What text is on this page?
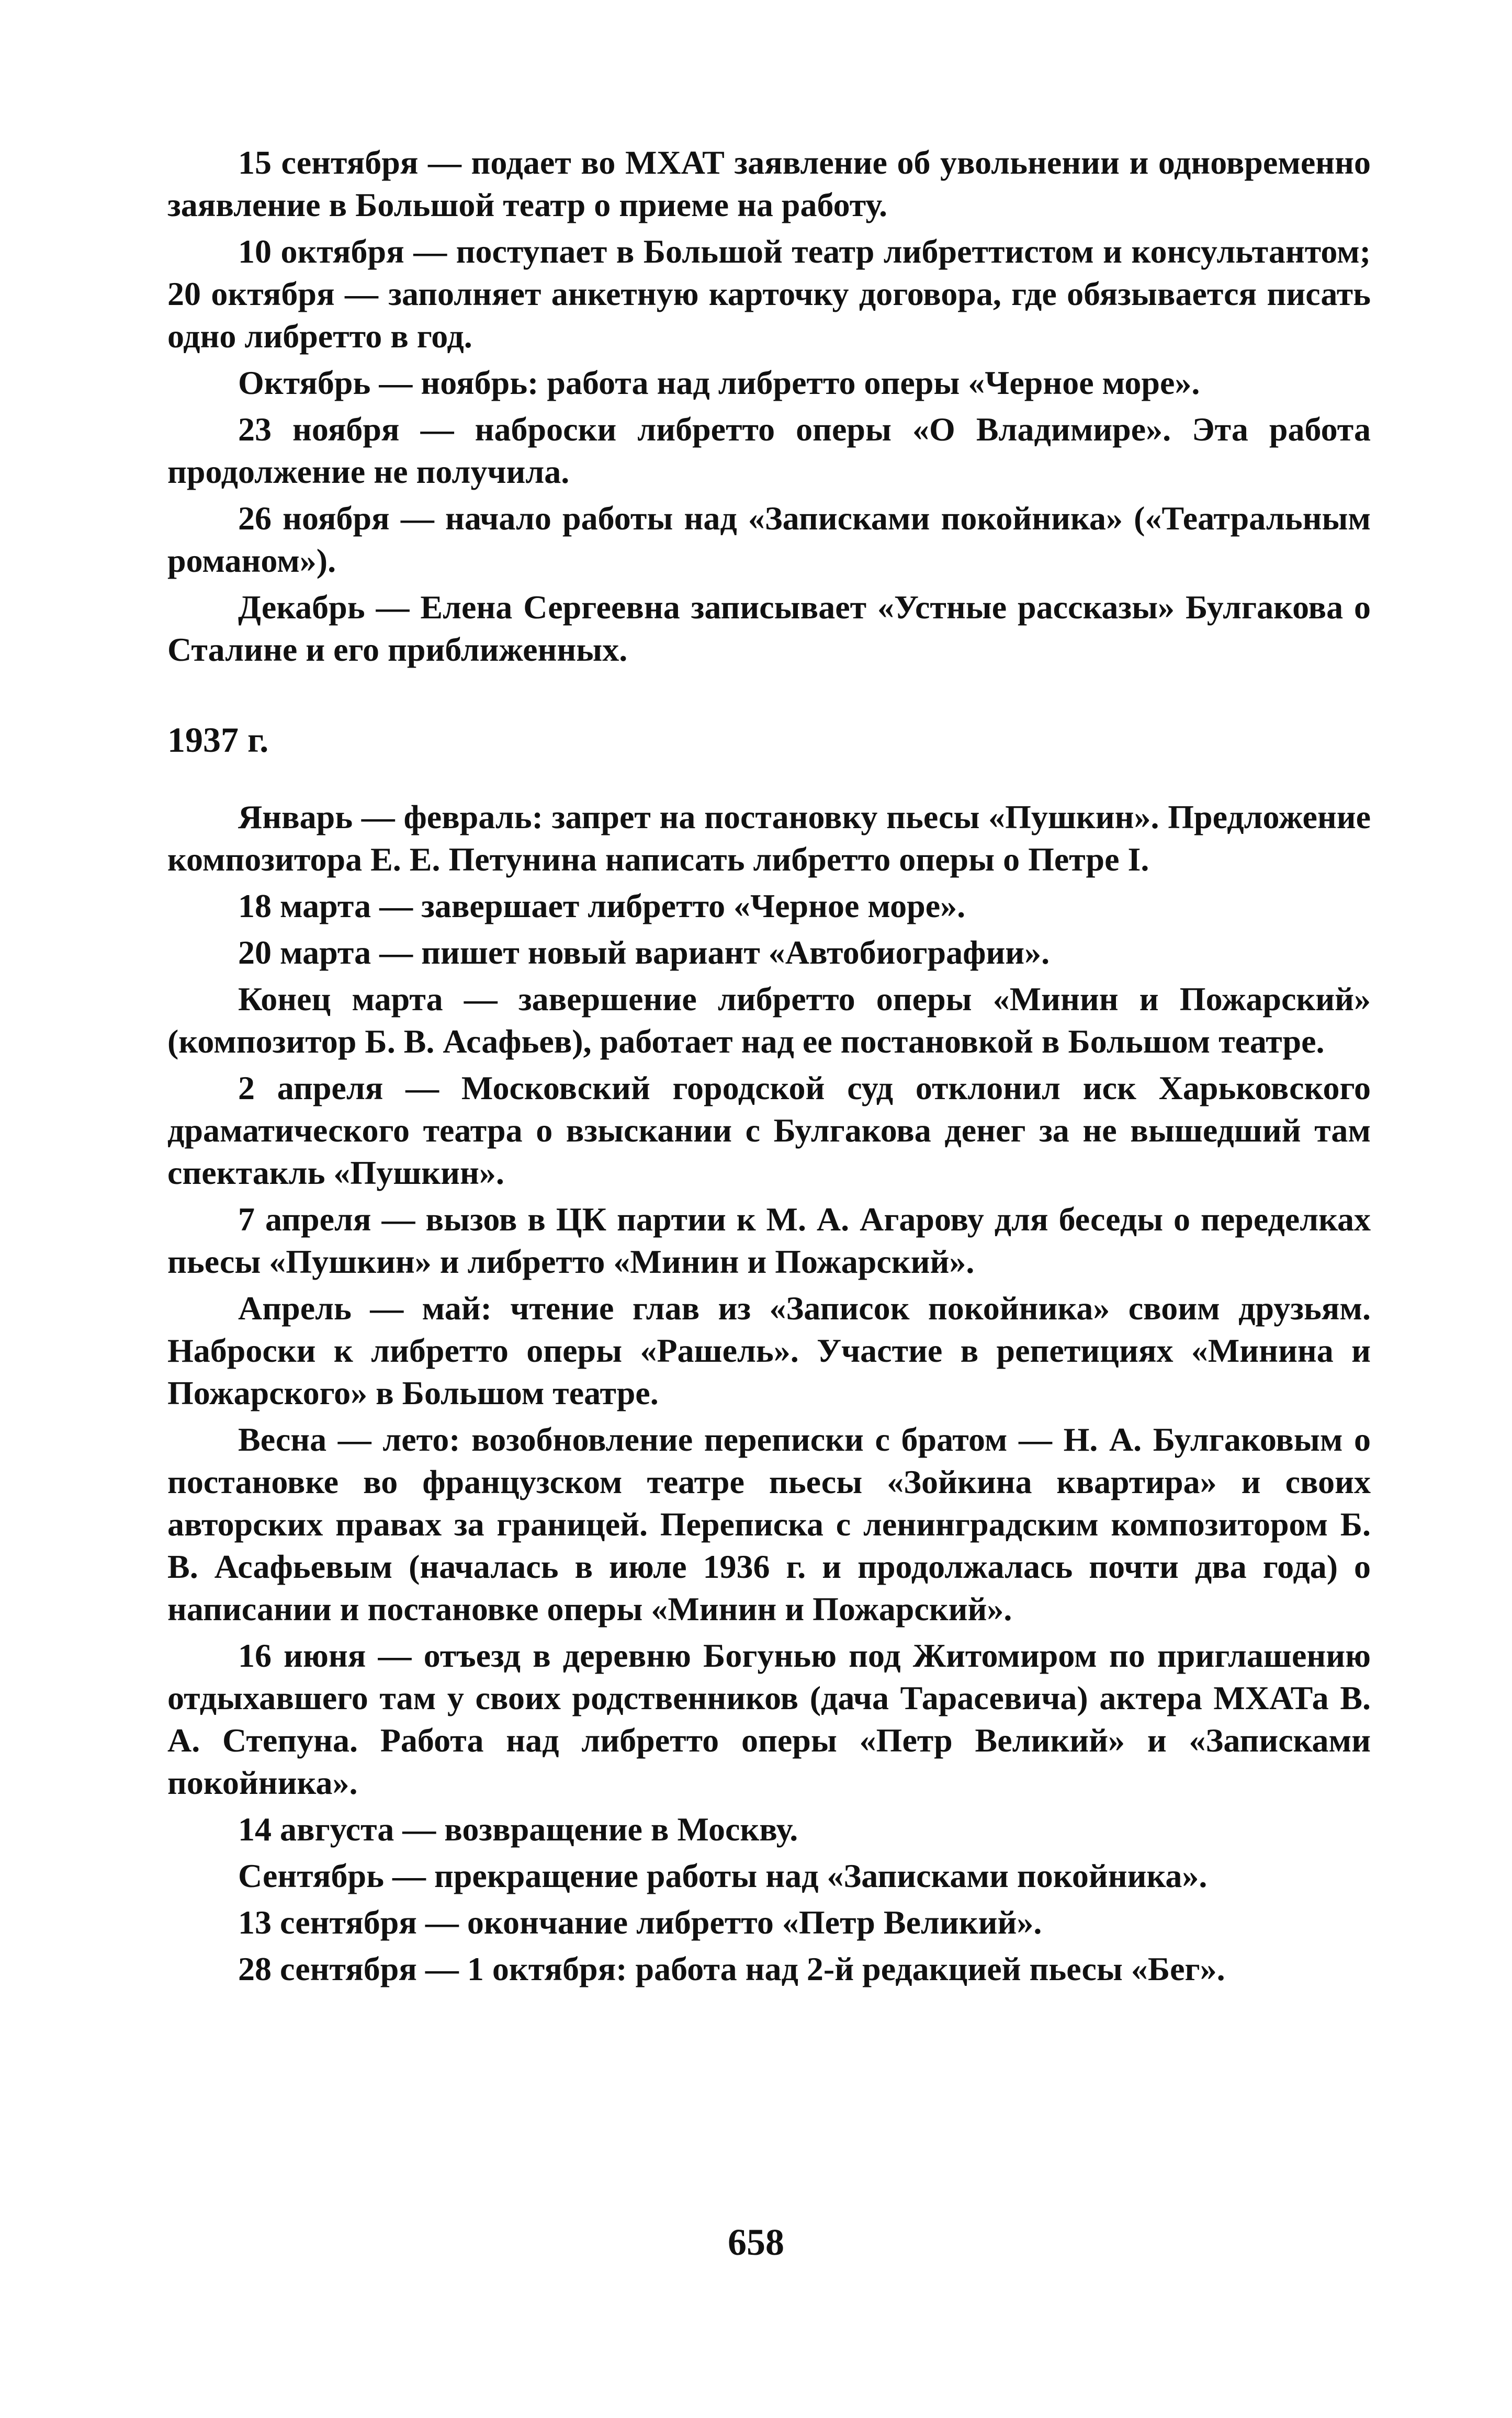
15 сентября — подает во МХАТ заявление об увольнении и одновременно заявление в Большой театр о приеме на работу.

10 октября — поступает в Большой театр либреттистом и консультантом; 20 октября — заполняет анкетную карточку договора, где обязывается писать одно либретто в год.

Октябрь — ноябрь: работа над либретто оперы «Черное море».

23 ноября — наброски либретто оперы «О Владимире». Эта работа продолжение не получила.

26 ноября — начало работы над «Записками покойника» («Театральным романом»).

Декабрь — Елена Сергеевна записывает «Устные рассказы» Булгакова о Сталине и его приближенных.

1937 г.

Январь — февраль: запрет на постановку пьесы «Пушкин». Предложение композитора Е. Е. Петунина написать либретто оперы о Петре I.

18 марта — завершает либретто «Черное море».

20 марта — пишет новый вариант «Автобиографии».

Конец марта — завершение либретто оперы «Минин и Пожарский» (композитор Б. В. Асафьев), работает над ее постановкой в Большом театре.

2 апреля — Московский городской суд отклонил иск Харьковского драматического театра о взыскании с Булгакова денег за не вышедший там спектакль «Пушкин».

7 апреля — вызов в ЦК партии к М. А. Агарову для беседы о переделках пьесы «Пушкин» и либретто «Минин и Пожарский».

Апрель — май: чтение глав из «Записок покойника» своим друзьям. Наброски к либретто оперы «Рашель». Участие в репетициях «Минина и Пожарского» в Большом театре.

Весна — лето: возобновление переписки с братом — Н. А. Булгаковым о постановке во французском театре пьесы «Зойкина квартира» и своих авторских правах за границей. Переписка с ленинградским композитором Б. В. Асафьевым (началась в июле 1936 г. и продолжалась почти два года) о написании и постановке оперы «Минин и Пожарский».

16 июня — отъезд в деревню Богунью под Житомиром по приглашению отдыхавшего там у своих родственников (дача Тарасевича) актера МХАТа В. А. Степуна. Работа над либретто оперы «Петр Великий» и «Записками покойника».

14 августа — возвращение в Москву.

Сентябрь — прекращение работы над «Записками покойника».

13 сентября — окончание либретто «Петр Великий».

28 сентября — 1 октября: работа над 2-й редакцией пьесы «Бег».

658
